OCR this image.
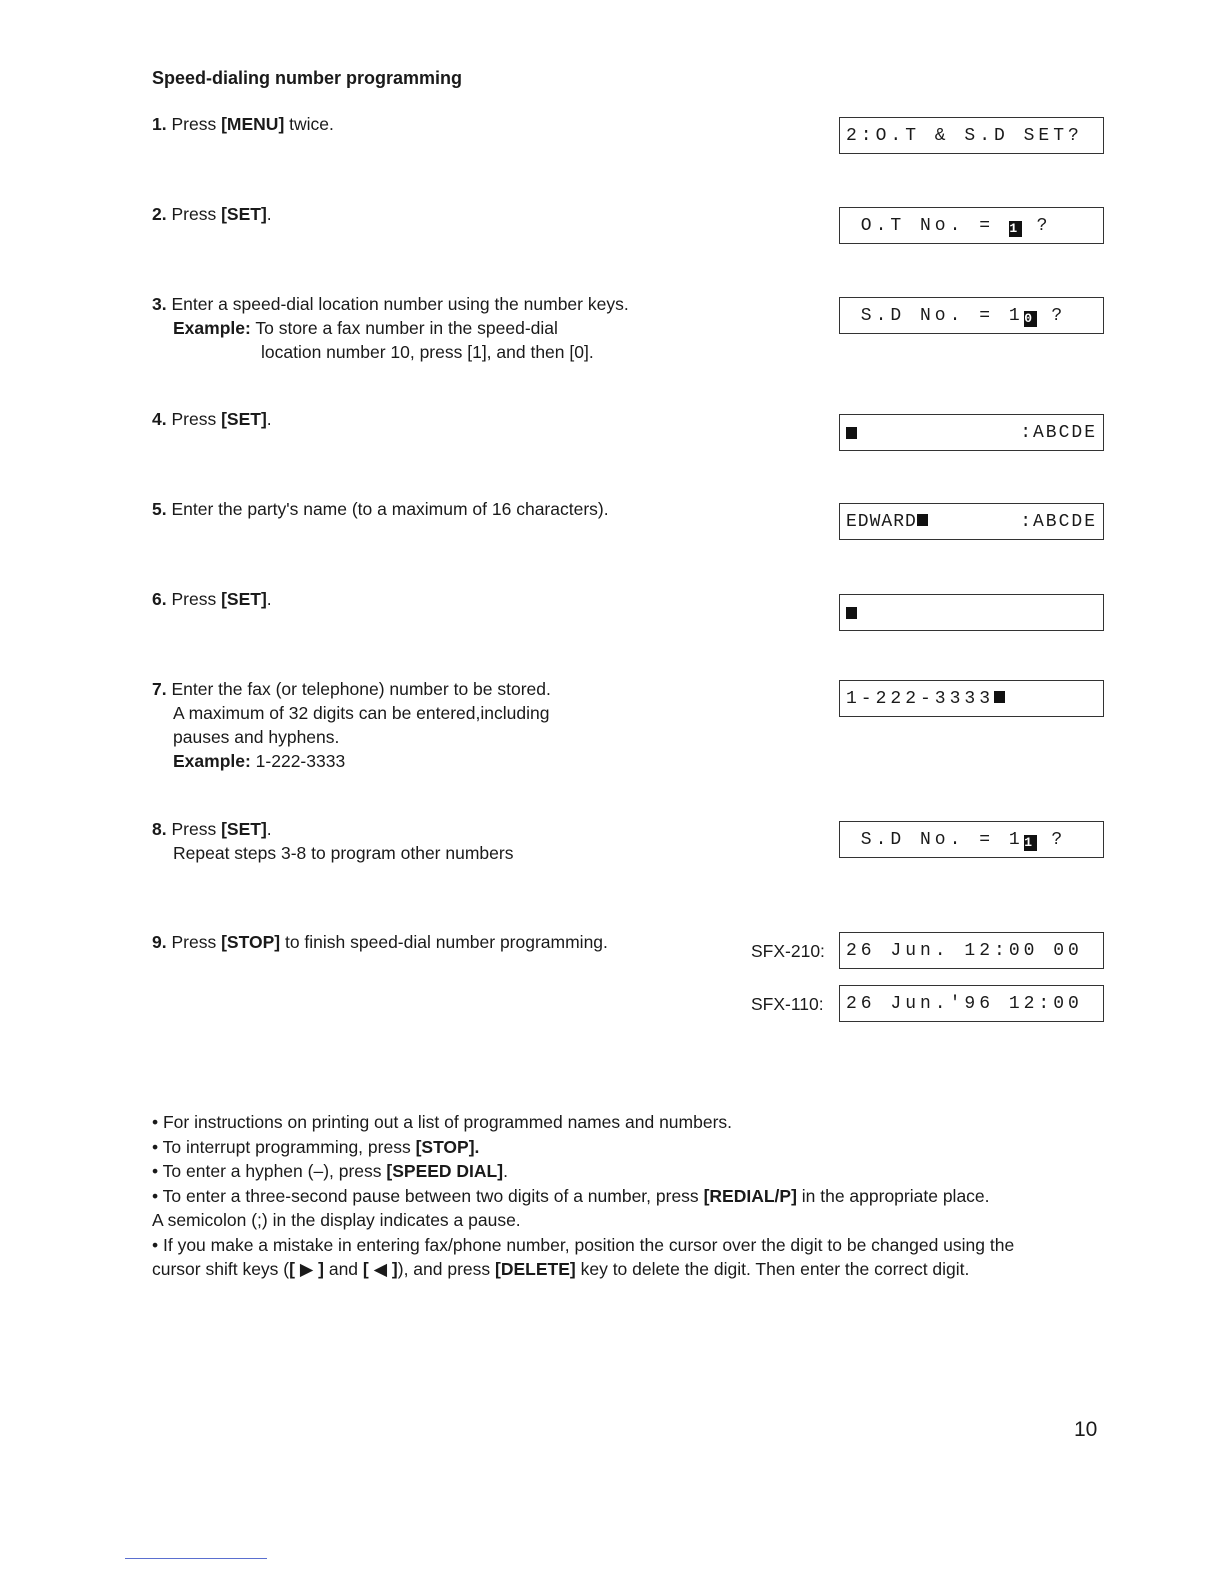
Speed-dialing number programming
1. Press [MENU] twice.
2:O.T & S.D SET?
2. Press [SET].
O.T No. = 1 ?
3. Enter a speed-dial location number using the number keys.
Example: To store a fax number in the speed-dial
location number 10, press [1], and then [0].
S.D No. = 10 ?
4. Press [SET].
:ABCDE
5. Enter the party's name (to a maximum of 16 characters).
EDWARD	:ABCDE
6. Press [SET].
7. Enter the fax (or telephone) number to be stored.
A maximum of 32 digits can be entered,including
pauses and hyphens.
Example: 1-222-3333
1-222-3333
8. Press [SET].
Repeat steps 3-8 to program other numbers
S.D No. = 11 ?
9. Press [STOP] to finish speed-dial number programming.	SFX-210: 26 Jun. 12:00 00
SFX-110: 26 Jun.'96 12:00
• For instructions on printing out a list of programmed names and numbers.
• To interrupt programming, press [STOP].
• To enter a hyphen (–), press [SPEED DIAL].
• To enter a three-second pause between two digits of a number, press [REDIAL/P] in the appropriate place.
A semicolon (;) in the display indicates a pause.
• If you make a mistake in entering fax/phone number, position the cursor over the digit to be changed using the
cursor shift keys ([ ▶ ] and [ ◀ ]), and press [DELETE] key to delete the digit. Then enter the correct digit.
10
